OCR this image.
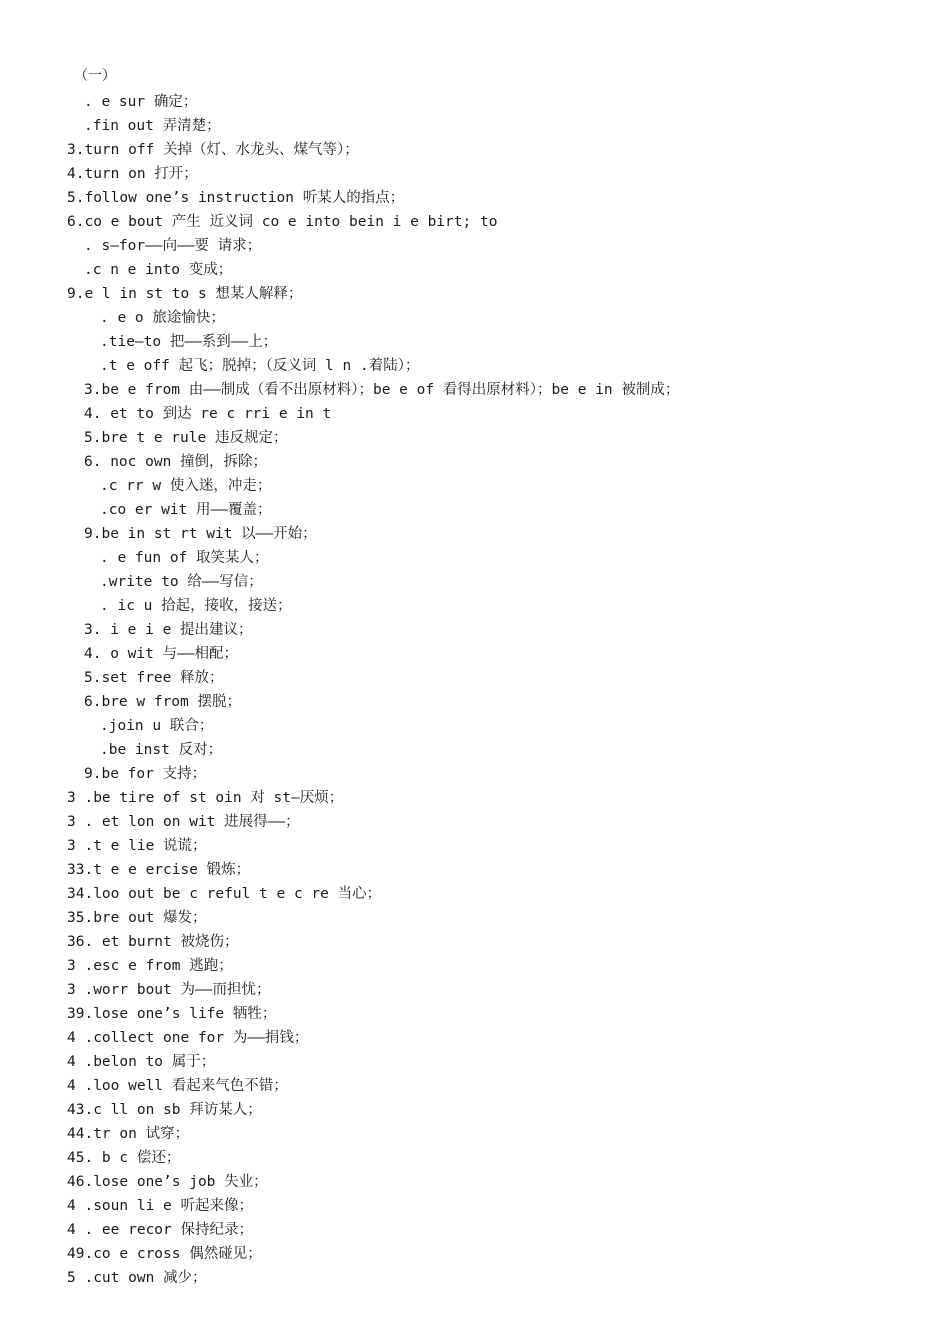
（一）
. e sur 确定；
.fin out 弄清楚；
3.turn off 关掉（灯、水龙头、煤气等）；
4.turn on 打开；
5.follow one’s instruction 听某人的指点；
6.co e bout 产生 近义词 co e into bein i e birt; to
. s—for——向——要 请求；
.c n e into 变成；
9.e l in st to s 想某人解释；
. e o 旅途愉快；
.tie—to 把——系到——上；
.t e off 起飞；脱掉；（反义词 l n .着陆）；
3.be e from 由——制成（看不出原材料）；be e of 看得出原材料）；be e in 被制成；
4. et to 到达 re c rri e in t
5.bre t e rule 违反规定；
6. noc own 撞倒，拆除；
.c rr w 使入迷，冲走；
.co er wit 用——覆盖；
9.be in st rt wit 以——开始；
. e fun of 取笑某人；
.write to 给——写信；
. ic u 拾起，接收，接送；
3. i e i e 提出建议；
4. o wit 与——相配；
5.set free 释放；
6.bre w from 摆脱；
.join u 联合；
.be inst 反对；
9.be for 支持；
3 .be tire of st oin 对 st—厌烦；
3 . et lon on wit 进展得——；
3 .t e lie 说谎；
33.t e e ercise 锻炼；
34.loo out be c reful t e c re 当心；
35.bre out 爆发；
36. et burnt 被烧伤；
3 .esc e from 逃跑；
3 .worr bout 为——而担忧；
39.lose one’s life 牺牲；
4 .collect one for 为——捐钱；
4 .belon to 属于；
4 .loo well 看起来气色不错；
43.c ll on sb 拜访某人；
44.tr on 试穿；
45. b c 偿还；
46.lose one’s job 失业；
4 .soun li e 听起来像；
4 . ee recor 保持纪录；
49.co e cross 偶然碰见；
5 .cut own 减少；
